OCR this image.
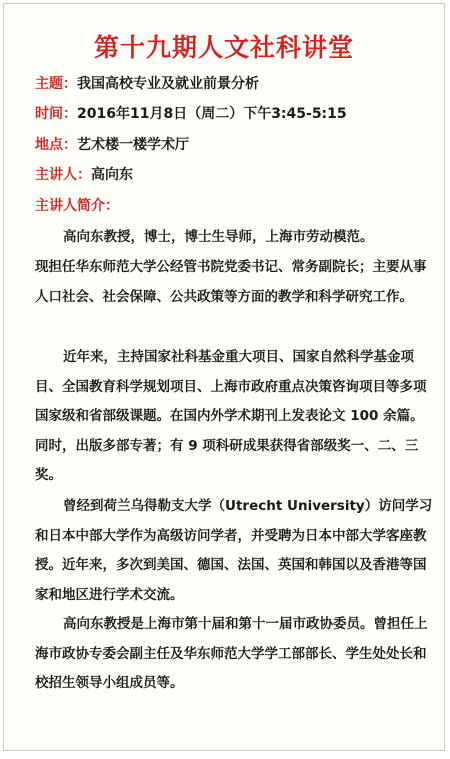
第十九期人文社科讲堂
主题：我国高校专业及就业前景分析
时间：2016年11月8日（周二）下午3:45-5:15
地点：艺术楼一楼学术厅
主讲人：高向东
主讲人简介：

高向东教授，博士，博士生导师，上海市劳动模范。

现担任华东师范大学公经管书院党委书记、常务副院长；主要从事人口社会、社会保障、公共政策等方面的教学和科学研究工作。

近年来，主持国家社科基金重大项目、国家自然科学基金项目、全国教育科学规划项目、上海市政府重点决策咨询项目等多项国家级和省部级课题。在国内外学术期刊上发表论文 100 余篇。同时，出版多部专著；有 9 项科研成果获得省部级奖一、二、三奖。

曾经到荷兰乌得勒支大学（Utrecht University）访问学习和日本中部大学作为高级访问学者，并受聘为日本中部大学客座教授。近年来，多次到美国、德国、法国、英国和韩国以及香港等国家和地区进行学术交流。

高向东教授是上海市第十届和第十一届市政协委员。曾担任上海市政协专委会副主任及华东师范大学学工部部长、学生处处长和校招生领导小组成员等。
